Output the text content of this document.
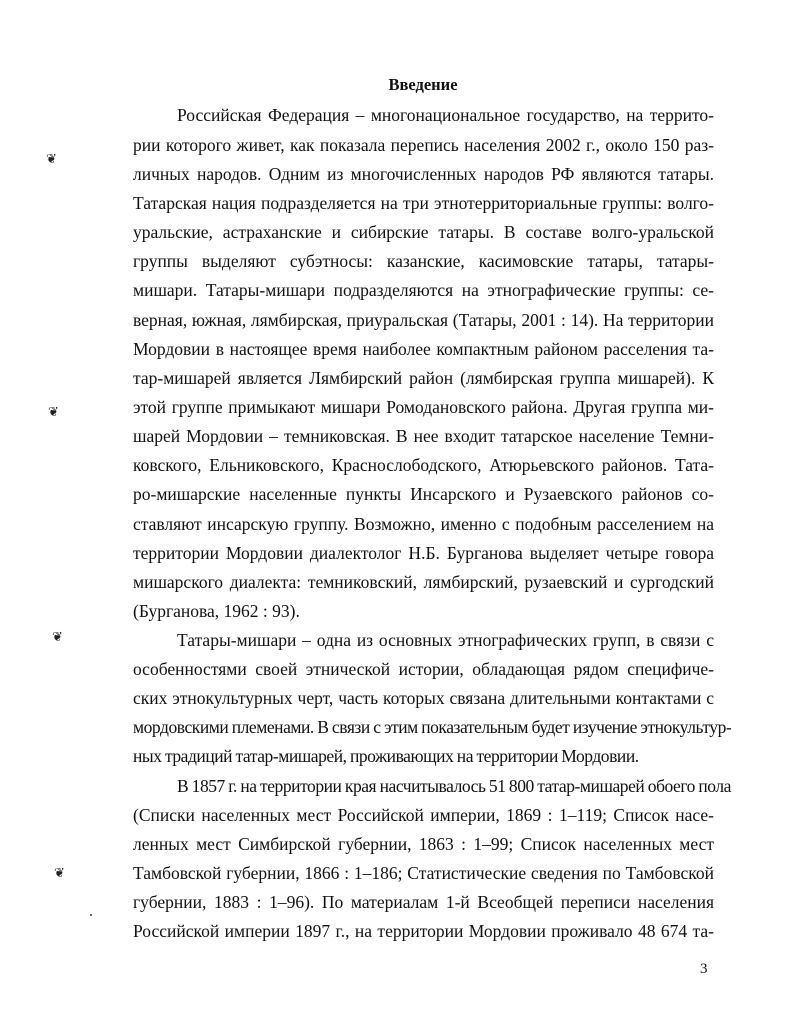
Введение
Российская Федерация – многонациональное государство, на террито-
рии которого живет, как показала перепись населения 2002 г., около 150 раз-
личных народов. Одним из многочисленных народов РФ являются татары.
Татарская нация подразделяется на три этнотерриториальные группы: волго-
уральские, астраханские и сибирские татары. В составе волго-уральской
группы выделяют субэтносы: казанские, касимовские татары, татары-
мишари. Татары-мишари подразделяются на этнографические группы: се-
верная, южная, лямбирская, приуральская (Татары, 2001 : 14). На территории
Мордовии в настоящее время наиболее компактным районом расселения та-
тар-мишарей является Лямбирский район (лямбирская группа мишарей). К
этой группе примыкают мишари Ромодановского района. Другая группа ми-
шарей Мордовии – темниковская. В нее входит татарское население Темни-
ковского, Ельниковского, Краснослободского, Атюрьевского районов. Тата-
ро-мишарские населенные пункты Инсарского и Рузаевского районов со-
ставляют инсарскую группу. Возможно, именно с подобным расселением на
территории Мордовии диалектолог Н.Б. Бурганова выделяет четыре говора
мишарского диалекта: темниковский, лямбирский, рузаевский и сургодский
(Бурганова, 1962 : 93).
Татары-мишари – одна из основных этнографических групп, в связи с
особенностями своей этнической истории, обладающая рядом специфиче-
ских этнокультурных черт, часть которых связана длительными контактами с
мордовскими племенами. В связи с этим показательным будет изучение этнокультур-
ных традиций татар-мишарей, проживающих на территории Мордовии.
В 1857 г. на территории края насчитывалось 51 800 татар-мишарей обоего пола
(Списки населенных мест Российской империи, 1869 : 1–119; Список насе-
ленных мест Симбирской губернии, 1863 : 1–99; Список населенных мест
Тамбовской губернии, 1866 : 1–186; Статистические сведения по Тамбовской
губернии, 1883 : 1–96). По материалам 1-й Всеобщей переписи населения
Российской империи 1897 г., на территории Мордовии проживало 48 674 та-
❦
❦
❦
❦
3
